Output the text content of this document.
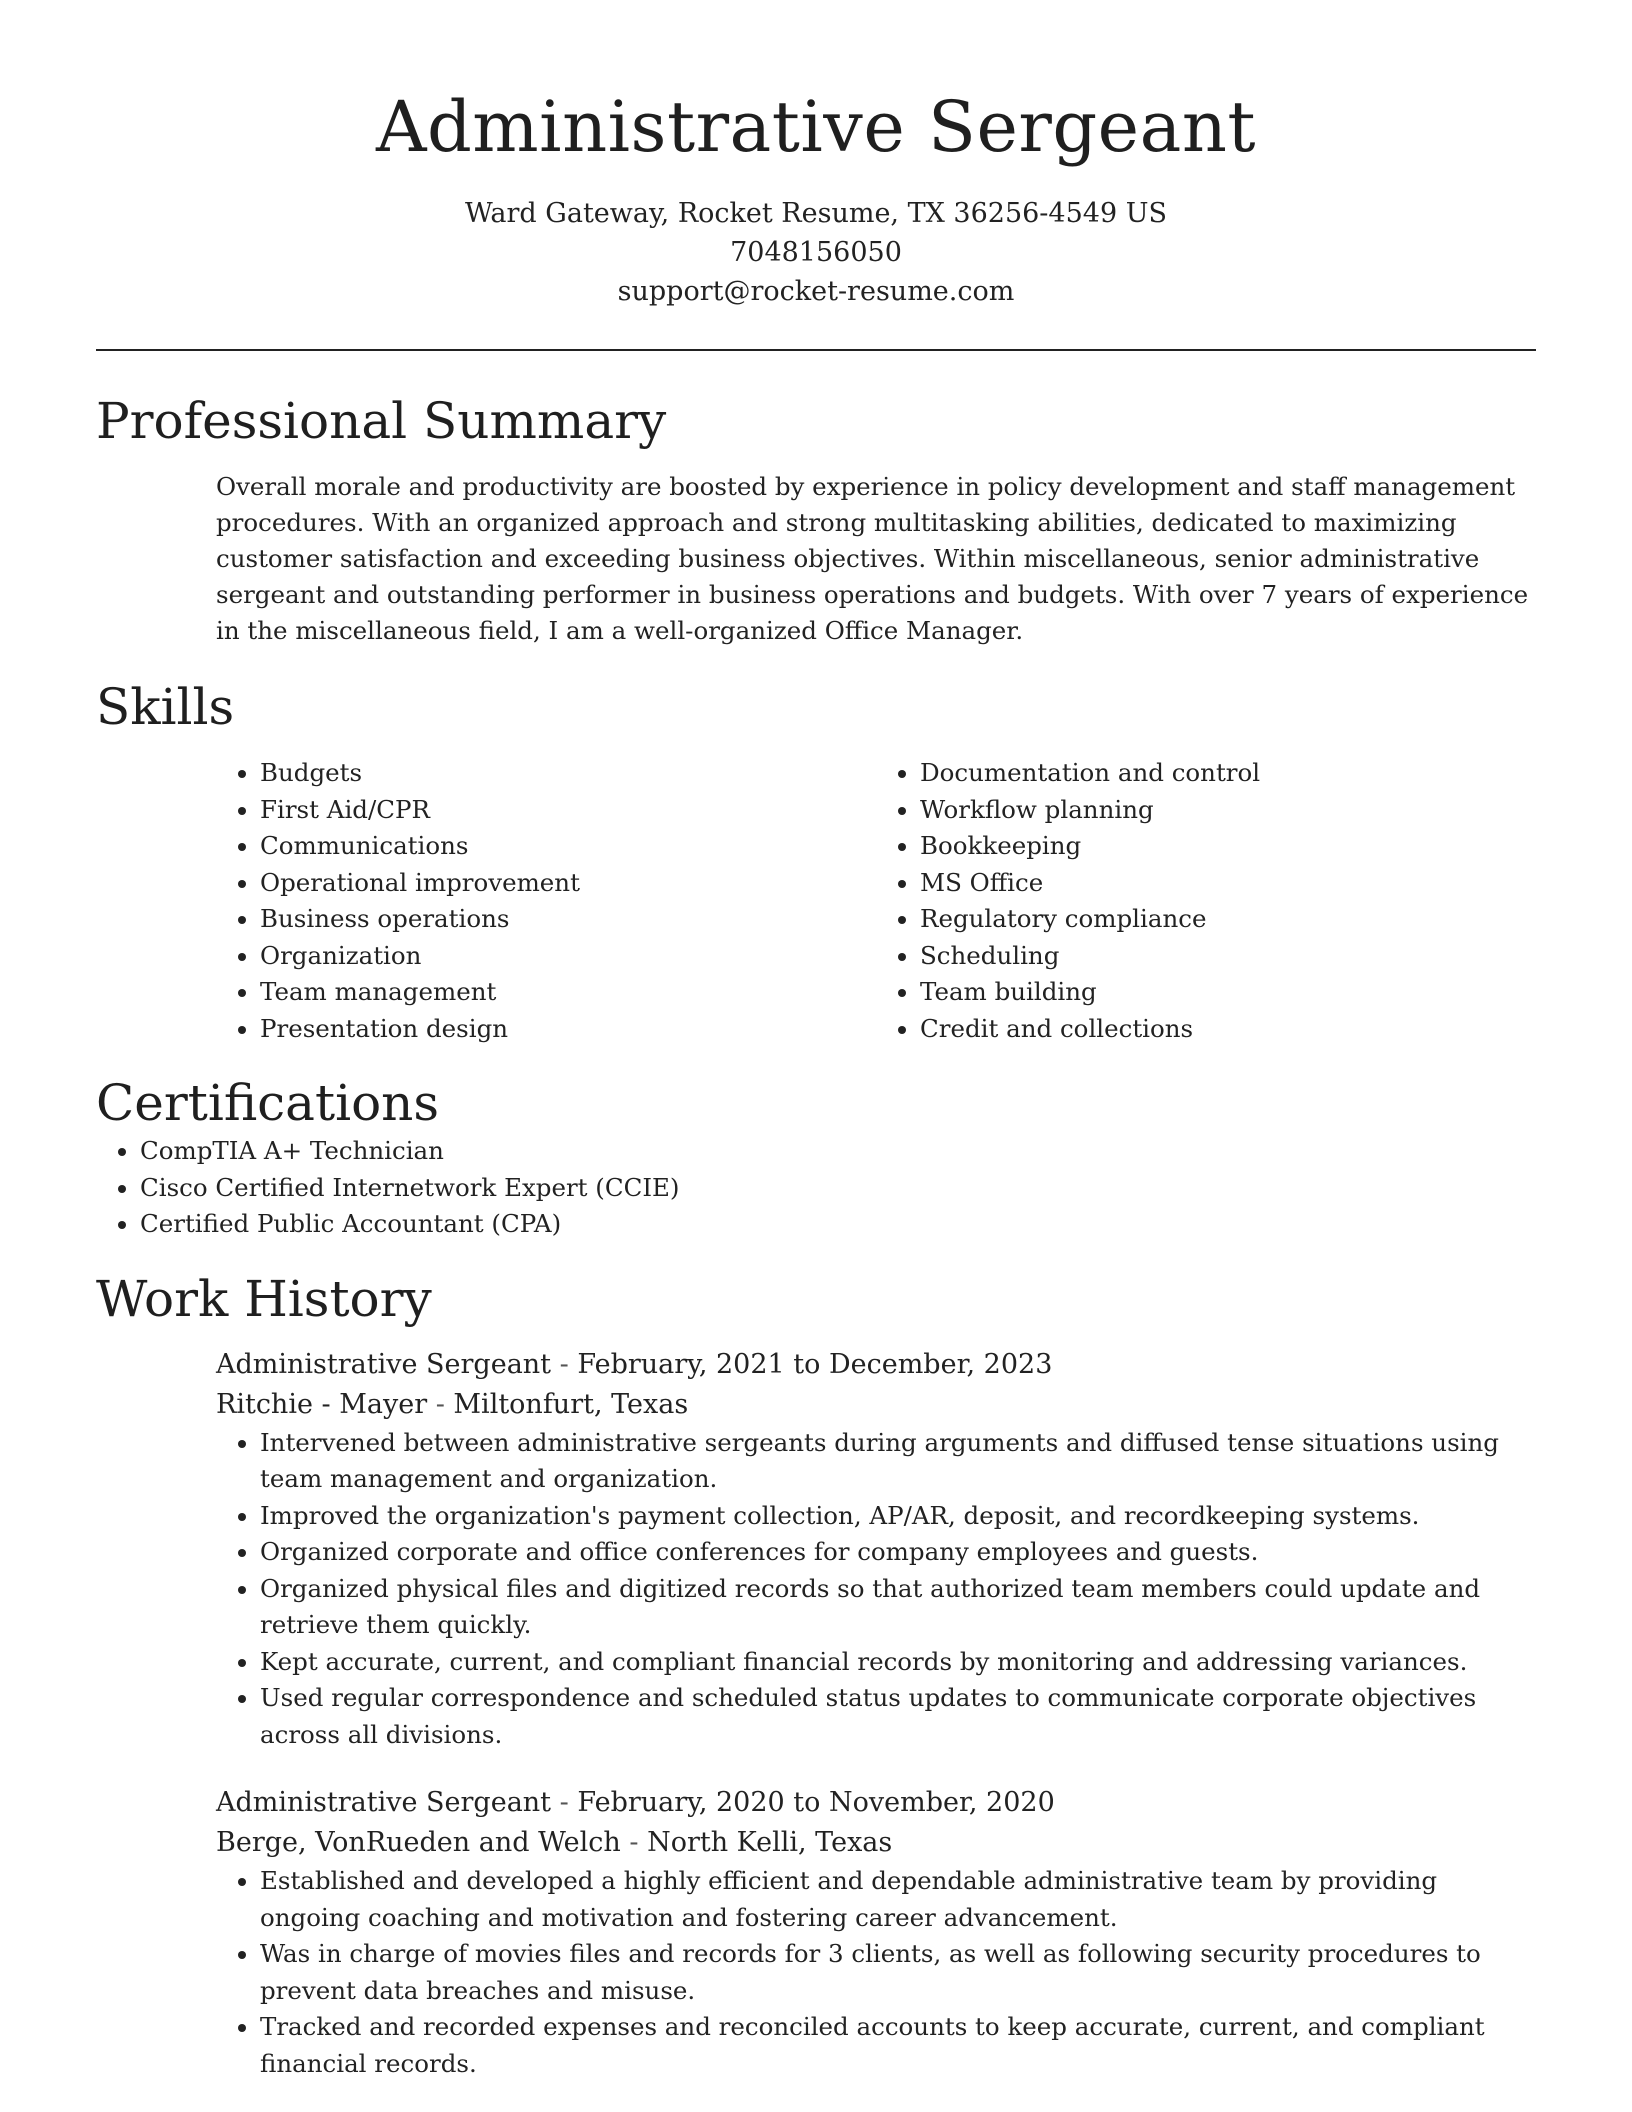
Administrative Sergeant
Ward Gateway, Rocket Resume, TX 36256-4549 US
7048156050
support@rocket-resume.com
Professional Summary
Overall morale and productivity are boosted by experience in policy development and staff management procedures. With an organized approach and strong multitasking abilities, dedicated to maximizing customer satisfaction and exceeding business objectives. Within miscellaneous, senior administrative sergeant and outstanding performer in business operations and budgets. With over 7 years of experience in the miscellaneous field, I am a well-organized Office Manager.
Skills
• Budgets
• First Aid/CPR
• Communications
• Operational improvement
• Business operations
• Organization
• Team management
• Presentation design
• Documentation and control
• Workflow planning
• Bookkeeping
• MS Office
• Regulatory compliance
• Scheduling
• Team building
• Credit and collections
Certifications
• CompTIA A+ Technician
• Cisco Certified Internetwork Expert (CCIE)
• Certified Public Accountant (CPA)
Work History
Administrative Sergeant - February, 2021 to December, 2023
Ritchie - Mayer - Miltonfurt, Texas
• Intervened between administrative sergeants during arguments and diffused tense situations using team management and organization.
• Improved the organization's payment collection, AP/AR, deposit, and recordkeeping systems.
• Organized corporate and office conferences for company employees and guests.
• Organized physical files and digitized records so that authorized team members could update and retrieve them quickly.
• Kept accurate, current, and compliant financial records by monitoring and addressing variances.
• Used regular correspondence and scheduled status updates to communicate corporate objectives across all divisions.
Administrative Sergeant - February, 2020 to November, 2020
Berge, VonRueden and Welch - North Kelli, Texas
• Established and developed a highly efficient and dependable administrative team by providing ongoing coaching and motivation and fostering career advancement.
• Was in charge of movies files and records for 3 clients, as well as following security procedures to prevent data breaches and misuse.
• Tracked and recorded expenses and reconciled accounts to keep accurate, current, and compliant financial records.
